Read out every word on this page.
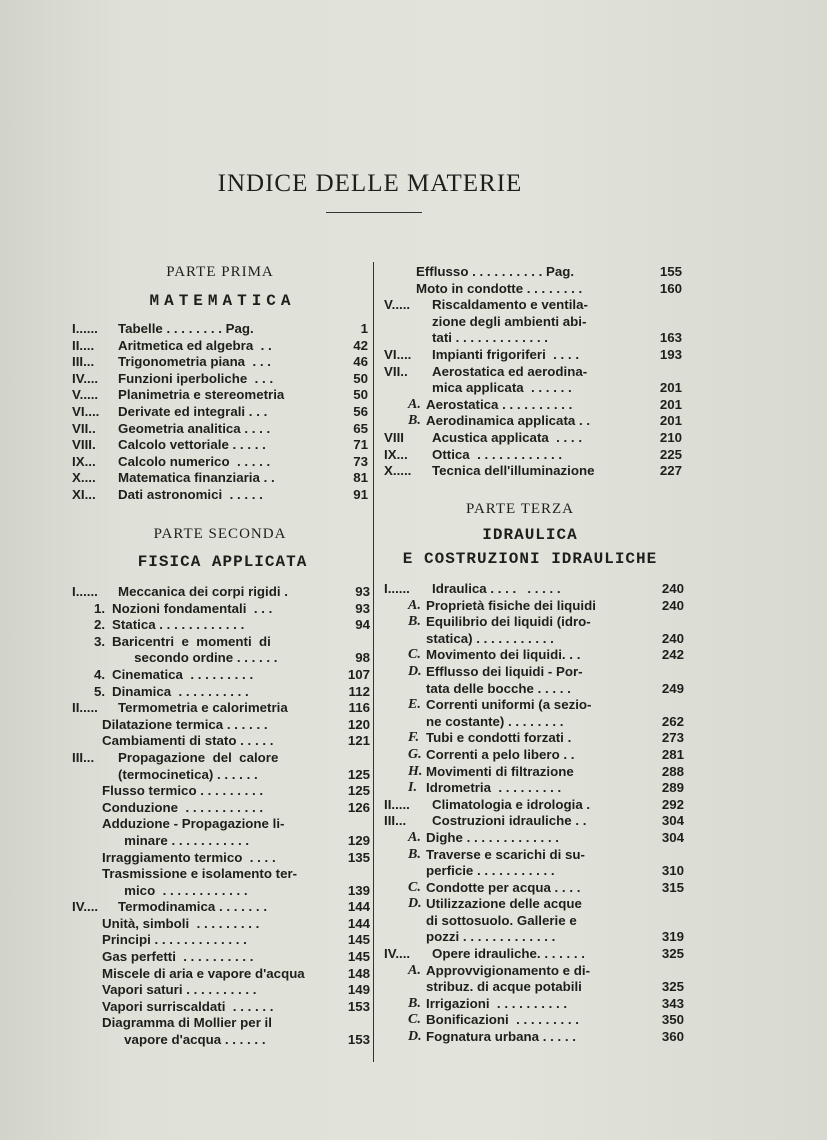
INDICE DELLE MATERIE
PARTE PRIMA
MATEMATICA
I...... Tabelle . . . . . . . . Pag.	1
II.... Aritmetica ed algebra  . .	42
III... Trigonometria piana  . . .	46
IV.... Funzioni iperboliche  . . .	50
V..... Planimetria e stereometria	50
VI.... Derivate ed integrali . . .	56
VII.. Geometria analitica . . . .	65
VIII. Calcolo vettoriale . . . . .	71
IX... Calcolo numerico  . . . . .	73
X.... Matematica finanziaria . .	81
XI... Dati astronomici  . . . . .	91
PARTE SECONDA
FISICA APPLICATA
I...... Meccanica dei corpi rigidi .	93
1. Nozioni fondamentali  . . .	93
2. Statica . . . . . . . . . . . .	94
3. Baricentri  e  momenti  di
secondo ordine . . . . . .	98
4. Cinematica  . . . . . . . . .	107
5. Dinamica  . . . . . . . . . .	112
II..... Termometria e calorimetria	116
Dilatazione termica . . . . . .	120
Cambiamenti di stato . . . . .	121
III... Propagazione  del  calore
(termocinetica) . . . . . .	125
Flusso termico . . . . . . . . .	125
Conduzione  . . . . . . . . . . .	126
Adduzione - Propagazione li-
minare . . . . . . . . . . .	129
Irraggiamento termico  . . . .	135
Trasmissione e isolamento ter-
mico  . . . . . . . . . . . .	139
IV.... Termodinamica . . . . . . .	144
Unità, simboli  . . . . . . . . .	144
Principi . . . . . . . . . . . . .	145
Gas perfetti  . . . . . . . . . .	145
Miscele di aria e vapore d'acqua	148
Vapori saturi . . . . . . . . . .	149
Vapori surriscaldati  . . . . . .	153
Diagramma di Mollier per il
vapore d'acqua . . . . . .	153
Efflusso . . . . . . . . . . Pag.	155
Moto in condotte . . . . . . . .	160
V..... Riscaldamento e ventila-
zione degli ambienti abi-
tati . . . . . . . . . . . . .	163
VI.... Impianti frigoriferi  . . . .	193
VII.. Aerostatica ed aerodina-
mica applicata  . . . . . .	201
A. Aerostatica . . . . . . . . . .	201
B. Aerodinamica applicata . .	201
VIII Acustica applicata  . . . .	210
IX... Ottica  . . . . . . . . . . . .	225
X..... Tecnica dell'illuminazione	227
PARTE TERZA
IDRAULICA
E COSTRUZIONI IDRAULICHE
I...... Idraulica . . . .   . . . . .	240
A. Proprietà fisiche dei liquidi	240
B. Equilibrio dei liquidi (idro-
statica) . . . . . . . . . . .	240
C. Movimento dei liquidi. . .	242
D. Efflusso dei liquidi - Por-
tata delle bocche . . . . .	249
E. Correnti uniformi (a sezio-
ne costante) . . . . . . . .	262
F. Tubi e condotti forzati .	273
G. Correnti a pelo libero . .	281
H. Movimenti di filtrazione	288
I. Idrometria  . . . . . . . . .	289
II..... Climatologia e idrologia .	292
III... Costruzioni idrauliche . .	304
A. Dighe . . . . . . . . . . . . .	304
B. Traverse e scarichi di su-
perficie . . . . . . . . . . .	310
C. Condotte per acqua . . . .	315
D. Utilizzazione delle acque
di sottosuolo. Gallerie e
pozzi . . . . . . . . . . . . .	319
IV.... Opere idrauliche. . . . . . .	325
A. Approvvigionamento e di-
stribuz. di acque potabili	325
B. Irrigazioni  . . . . . . . . . .	343
C. Bonificazioni  . . . . . . . . .	350
D. Fognatura urbana . . . . .	360
